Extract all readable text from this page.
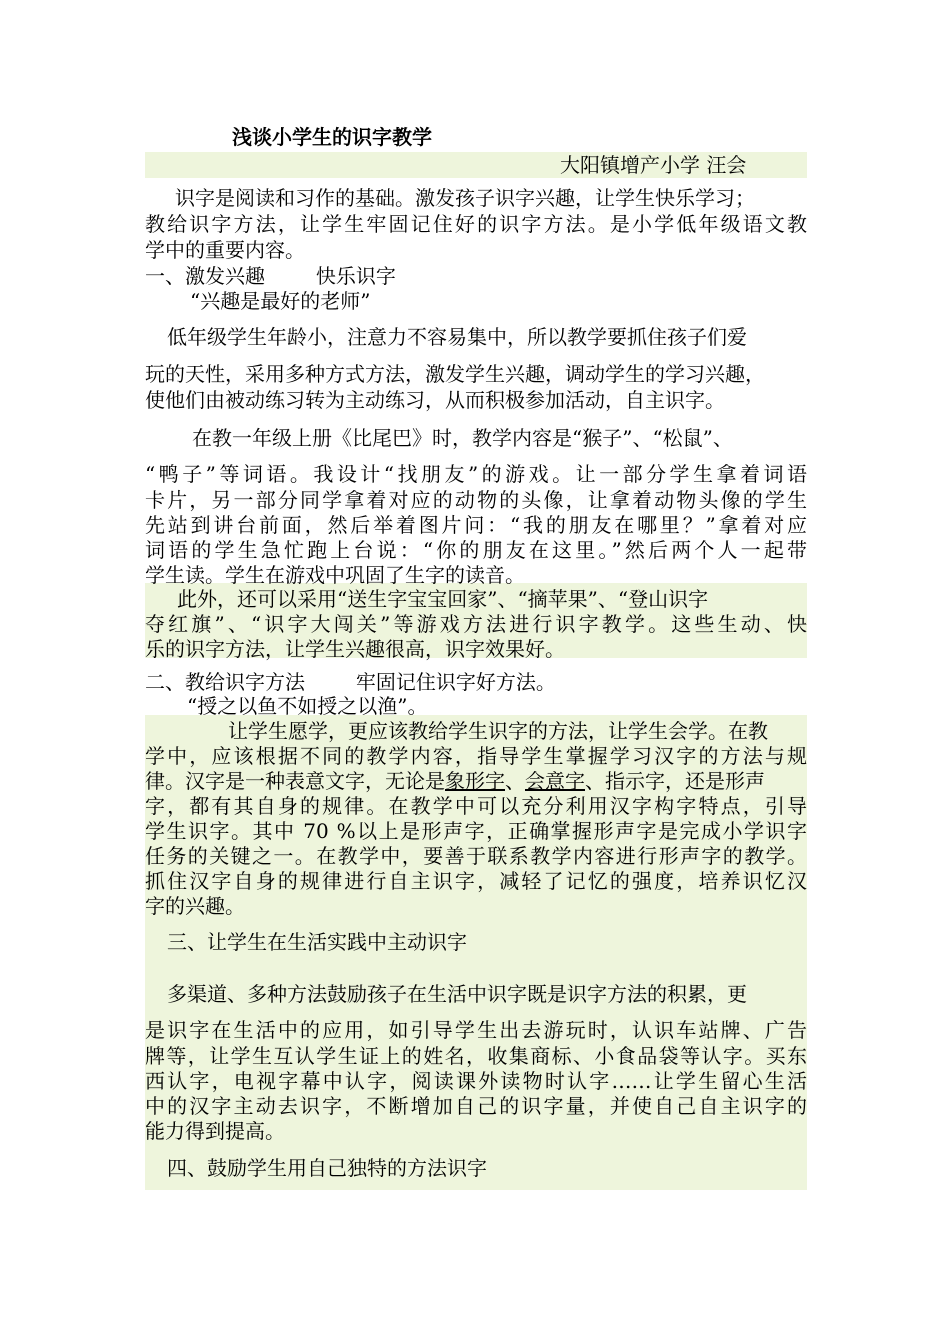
浅谈小学生的识字教学
大阳镇增产小学 汪会
识字是阅读和习作的基础。激发孩子识字兴趣，让学生快乐学习；
教给识字方法，让学生牢固记住好的识字方法。是小学低年级语文教
学中的重要内容。
一、激发兴趣        快乐识字
“兴趣是最好的老师”
低年级学生年龄小，注意力不容易集中，所以教学要抓住孩子们爱
玩的天性，采用多种方式方法，激发学生兴趣，调动学生的学习兴趣，
使他们由被动练习转为主动练习，从而积极参加活动，自主识字。
在教一年级上册《比尾巴》时，教学内容是“猴子”、“松鼠”、
“鸭子”等词语。我设计“找朋友”的游戏。让一部分学生拿着词语
卡片，另一部分同学拿着对应的动物的头像，让拿着动物头像的学生
先站到讲台前面，然后举着图片问：“我的朋友在哪里？”拿着对应
词语的学生急忙跑上台说：“你的朋友在这里。”然后两个人一起带
学生读。学生在游戏中巩固了生字的读音。
此外，还可以采用“送生字宝宝回家”、“摘苹果”、“登山识字
夺红旗”、“识字大闯关”等游戏方法进行识字教学。这些生动、快
乐的识字方法，让学生兴趣很高，识字效果好。
二、教给识字方法        牢固记住识字好方法。
“授之以鱼不如授之以渔”。
让学生愿学，更应该教给学生识字的方法，让学生会学。在教
学中，应该根据不同的教学内容，指导学生掌握学习汉字的方法与规
律。汉字是一种表意文字，无论是象形字、会意字、指示字，还是形声
字，都有其自身的规律。在教学中可以充分利用汉字构字特点，引导
学生识字。其中 70 %以上是形声字，正确掌握形声字是完成小学识字
任务的关键之一。在教学中，要善于联系教学内容进行形声字的教学。
抓住汉字自身的规律进行自主识字，减轻了记忆的强度，培养识忆汉
字的兴趣。
三、让学生在生活实践中主动识字
多渠道、多种方法鼓励孩子在生活中识字既是识字方法的积累，更
是识字在生活中的应用，如引导学生出去游玩时，认识车站牌、广告
牌等，让学生互认学生证上的姓名，收集商标、小食品袋等认字。买东
西认字，电视字幕中认字，阅读课外读物时认字……让学生留心生活
中的汉字主动去识字，不断增加自己的识字量，并使自己自主识字的
能力得到提高。
四、鼓励学生用自己独特的方法识字
